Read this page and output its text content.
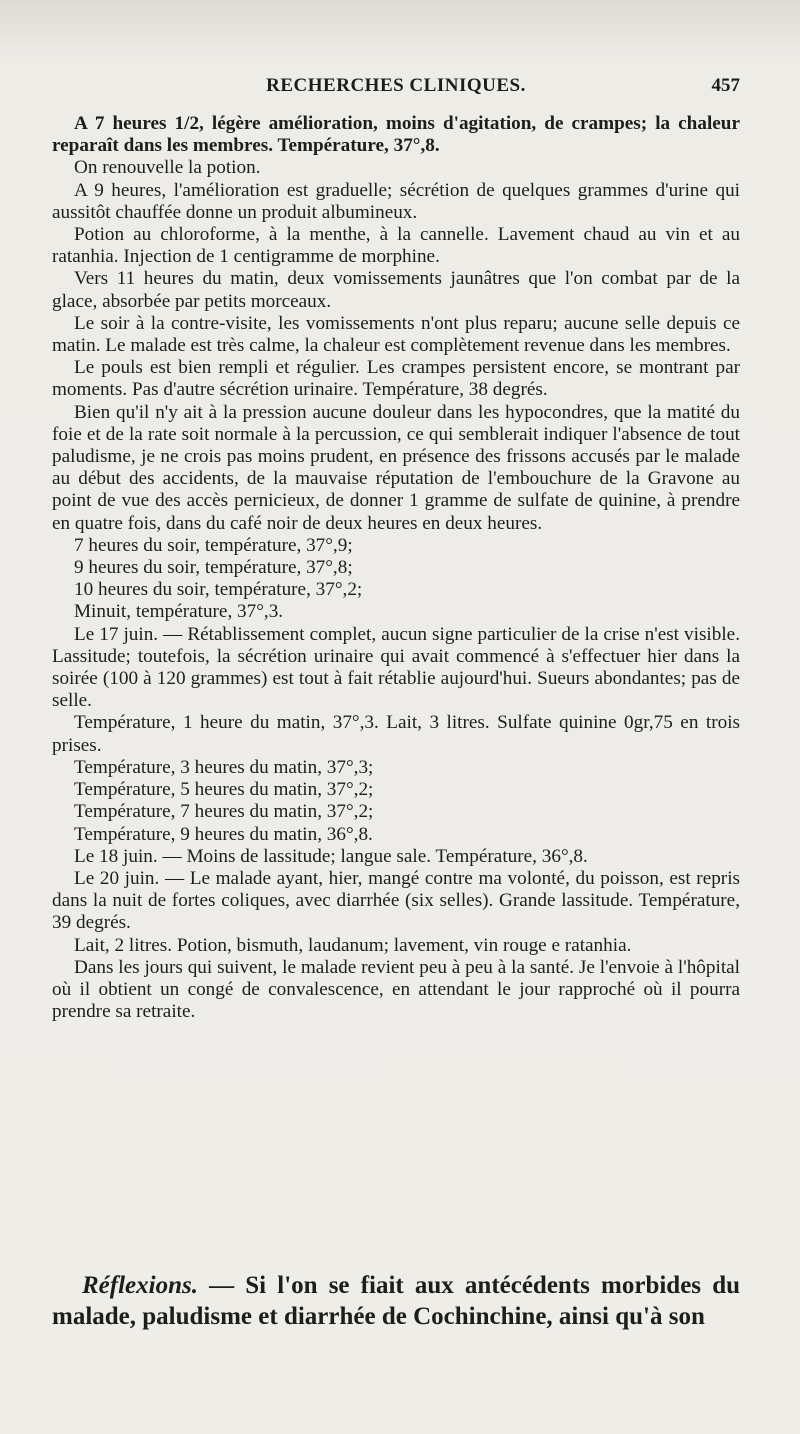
RECHERCHES CLINIQUES.	457

A 7 heures 1/2, légère amélioration, moins d'agitation, de crampes; la chaleur reparaît dans les membres. Température, 37°,8.

On renouvelle la potion.

A 9 heures, l'amélioration est graduelle; sécrétion de quelques grammes d'urine qui aussitôt chauffée donne un produit albumineux.

Potion au chloroforme, à la menthe, à la cannelle. Lavement chaud au vin et au ratanhia. Injection de 1 centigramme de morphine.

Vers 11 heures du matin, deux vomissements jaunâtres que l'on combat par de la glace, absorbée par petits morceaux.

Le soir à la contre-visite, les vomissements n'ont plus reparu; aucune selle depuis ce matin. Le malade est très calme, la chaleur est complètement revenue dans les membres.

Le pouls est bien rempli et régulier. Les crampes persistent encore, se montrant par moments. Pas d'autre sécrétion urinaire. Température, 38 degrés.

Bien qu'il n'y ait à la pression aucune douleur dans les hypocondres, que la matité du foie et de la rate soit normale à la percussion, ce qui semblerait indiquer l'absence de tout paludisme, je ne crois pas moins prudent, en présence des frissons accusés par le malade au début des accidents, de la mauvaise réputation de l'embouchure de la Gravone au point de vue des accès pernicieux, de donner 1 gramme de sulfate de quinine, à prendre en quatre fois, dans du café noir de deux heures en deux heures.

7 heures du soir, température, 37°,9;

9 heures du soir, température, 37°,8;

10 heures du soir, température, 37°,2;

Minuit, température, 37°,3.

Le 17 juin. — Rétablissement complet, aucun signe particulier de la crise n'est visible. Lassitude; toutefois, la sécrétion urinaire qui avait commencé à s'effectuer hier dans la soirée (100 à 120 grammes) est tout à fait rétablie aujourd'hui. Sueurs abondantes; pas de selle.

Température, 1 heure du matin, 37°,3. Lait, 3 litres. Sulfate quinine 0gr,75 en trois prises.

Température, 3 heures du matin, 37°,3;

Température, 5 heures du matin, 37°,2;

Température, 7 heures du matin, 37°,2;

Température, 9 heures du matin, 36°,8.

Le 18 juin. — Moins de lassitude; langue sale. Température, 36°,8.

Le 20 juin. — Le malade ayant, hier, mangé contre ma volonté, du poisson, est repris dans la nuit de fortes coliques, avec diarrhée (six selles). Grande lassitude. Température, 39 degrés.

Lait, 2 litres. Potion, bismuth, laudanum; lavement, vin rouge e ratanhia.

Dans les jours qui suivent, le malade revient peu à peu à la santé. Je l'envoie à l'hôpital où il obtient un congé de convalescence, en attendant le jour rapproché où il pourra prendre sa retraite.

Réflexions. — Si l'on se fiait aux antécédents morbides du malade, paludisme et diarrhée de Cochinchine, ainsi qu'à son
